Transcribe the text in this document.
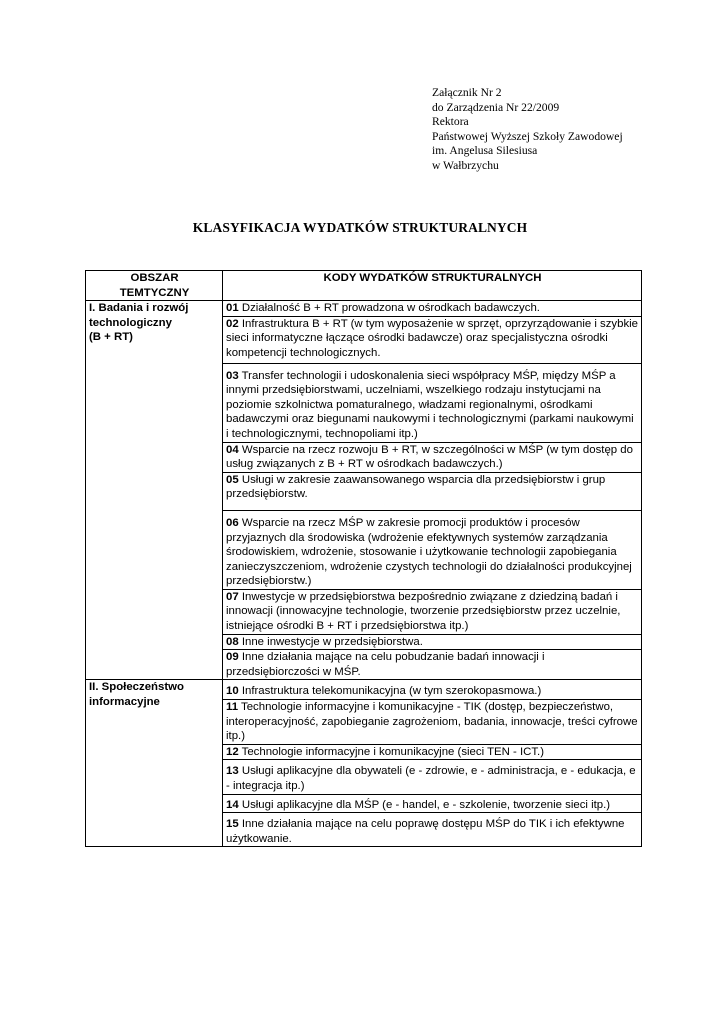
Załącznik Nr 2
do Zarządzenia Nr 22/2009
Rektora
Państwowej Wyższej Szkoły Zawodowej
im. Angelusa Silesiusa
w Wałbrzychu
KLASYFIKACJA WYDATKÓW STRUKTURALNYCH
OBSZAR
TEMTYCZNY	KODY WYDATKÓW STRUKTURALNYCH
I. Badania i rozwój
technologiczny
(B + RT)	01 Działalność B + RT prowadzona w ośrodkach badawczych.
	02 Infrastruktura B + RT (w tym wyposażenie w sprzęt, oprzyrządowanie i szybkie sieci informatyczne łączące ośrodki badawcze) oraz specjalistyczna ośrodki kompetencji technologicznych.
	03 Transfer technologii i udoskonalenia sieci współpracy MŚP, między MŚP a innymi przedsiębiorstwami, uczelniami, wszelkiego rodzaju instytucjami na poziomie szkolnictwa pomaturalnego, władzami regionalnymi, ośrodkami badawczymi oraz biegunami naukowymi i technologicznymi (parkami naukowymi i technologicznymi, technopoliami itp.)
	04 Wsparcie na rzecz rozwoju B + RT, w szczególności w MŚP (w tym dostęp do usług związanych z B + RT w ośrodkach badawczych.)
	05 Usługi w zakresie zaawansowanego wsparcia dla przedsiębiorstw i grup przedsiębiorstw.
	06 Wsparcie na rzecz MŚP w zakresie promocji produktów i procesów przyjaznych dla środowiska (wdrożenie efektywnych systemów zarządzania środowiskiem, wdrożenie, stosowanie i użytkowanie technologii zapobiegania zanieczyszczeniom, wdrożenie czystych technologii do działalności produkcyjnej przedsiębiorstw.)
	07 Inwestycje w przedsiębiorstwa bezpośrednio związane z dziedziną badań i innowacji (innowacyjne technologie, tworzenie przedsiębiorstw przez uczelnie, istniejące ośrodki B + RT i przedsiębiorstwa itp.)
	08 Inne inwestycje w przedsiębiorstwa.
	09 Inne działania mające na celu pobudzanie badań innowacji i przedsiębiorczości w MŚP.
II. Społeczeństwo
informacyjne	10 Infrastruktura telekomunikacyjna (w tym szerokopasmowa.)
	11 Technologie informacyjne i komunikacyjne - TIK (dostęp, bezpieczeństwo, interoperacyjność, zapobieganie zagrożeniom, badania, innowacje, treści cyfrowe itp.)
	12 Technologie informacyjne i komunikacyjne (sieci TEN - ICT.)
	13 Usługi aplikacyjne dla obywateli (e - zdrowie, e - administracja, e - edukacja, e - integracja itp.)
	14 Usługi aplikacyjne dla MŚP (e - handel, e - szkolenie, tworzenie sieci itp.)
	15 Inne działania mające na celu poprawę dostępu MŚP do TIK i ich efektywne użytkowanie.
